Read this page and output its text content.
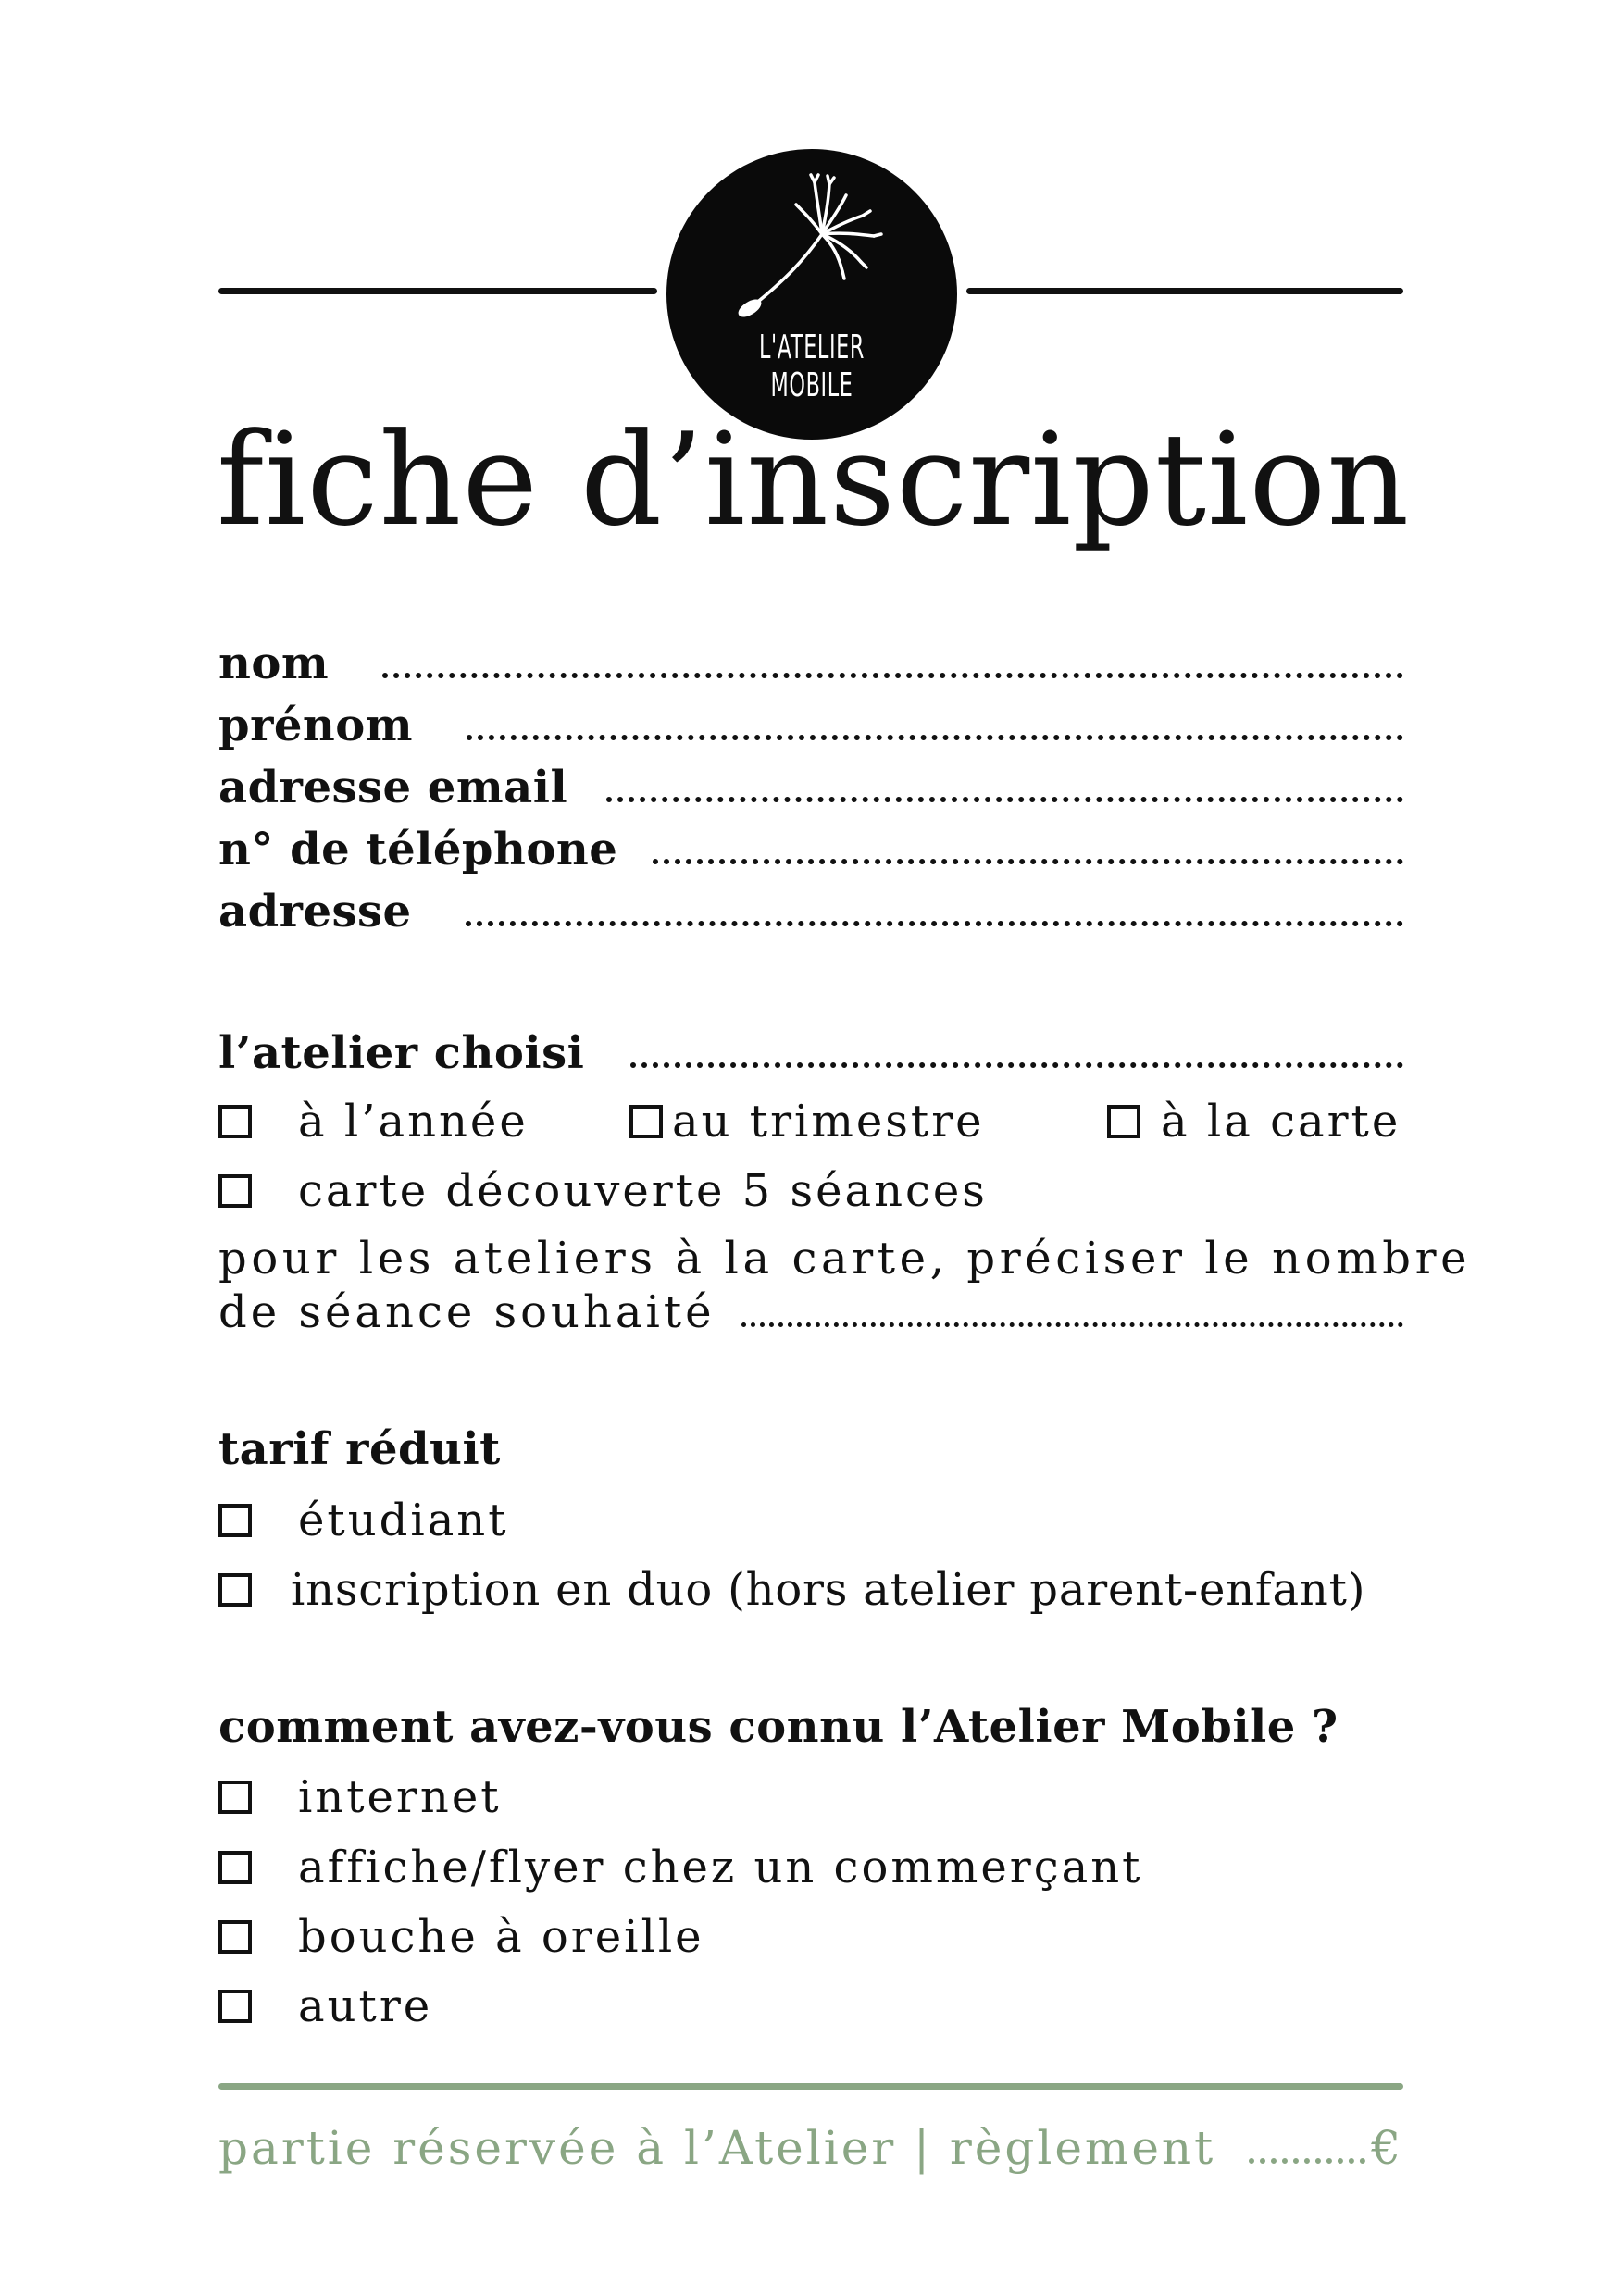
L'ATELIER MOBILE
fiche d’inscription
nom
prénom
adresse email
n° de téléphone
adresse
l’atelier choisi
à l’année	au trimestre	à la carte
carte découverte 5 séances
pour les ateliers à la carte, préciser le nombre
de séance souhaité
tarif réduit
étudiant
inscription en duo (hors atelier parent-enfant)
comment avez-vous connu l’Atelier Mobile ?
internet
affiche/flyer chez un commerçant
bouche à oreille
autre
partie réservée à l’Atelier | règlement	€
